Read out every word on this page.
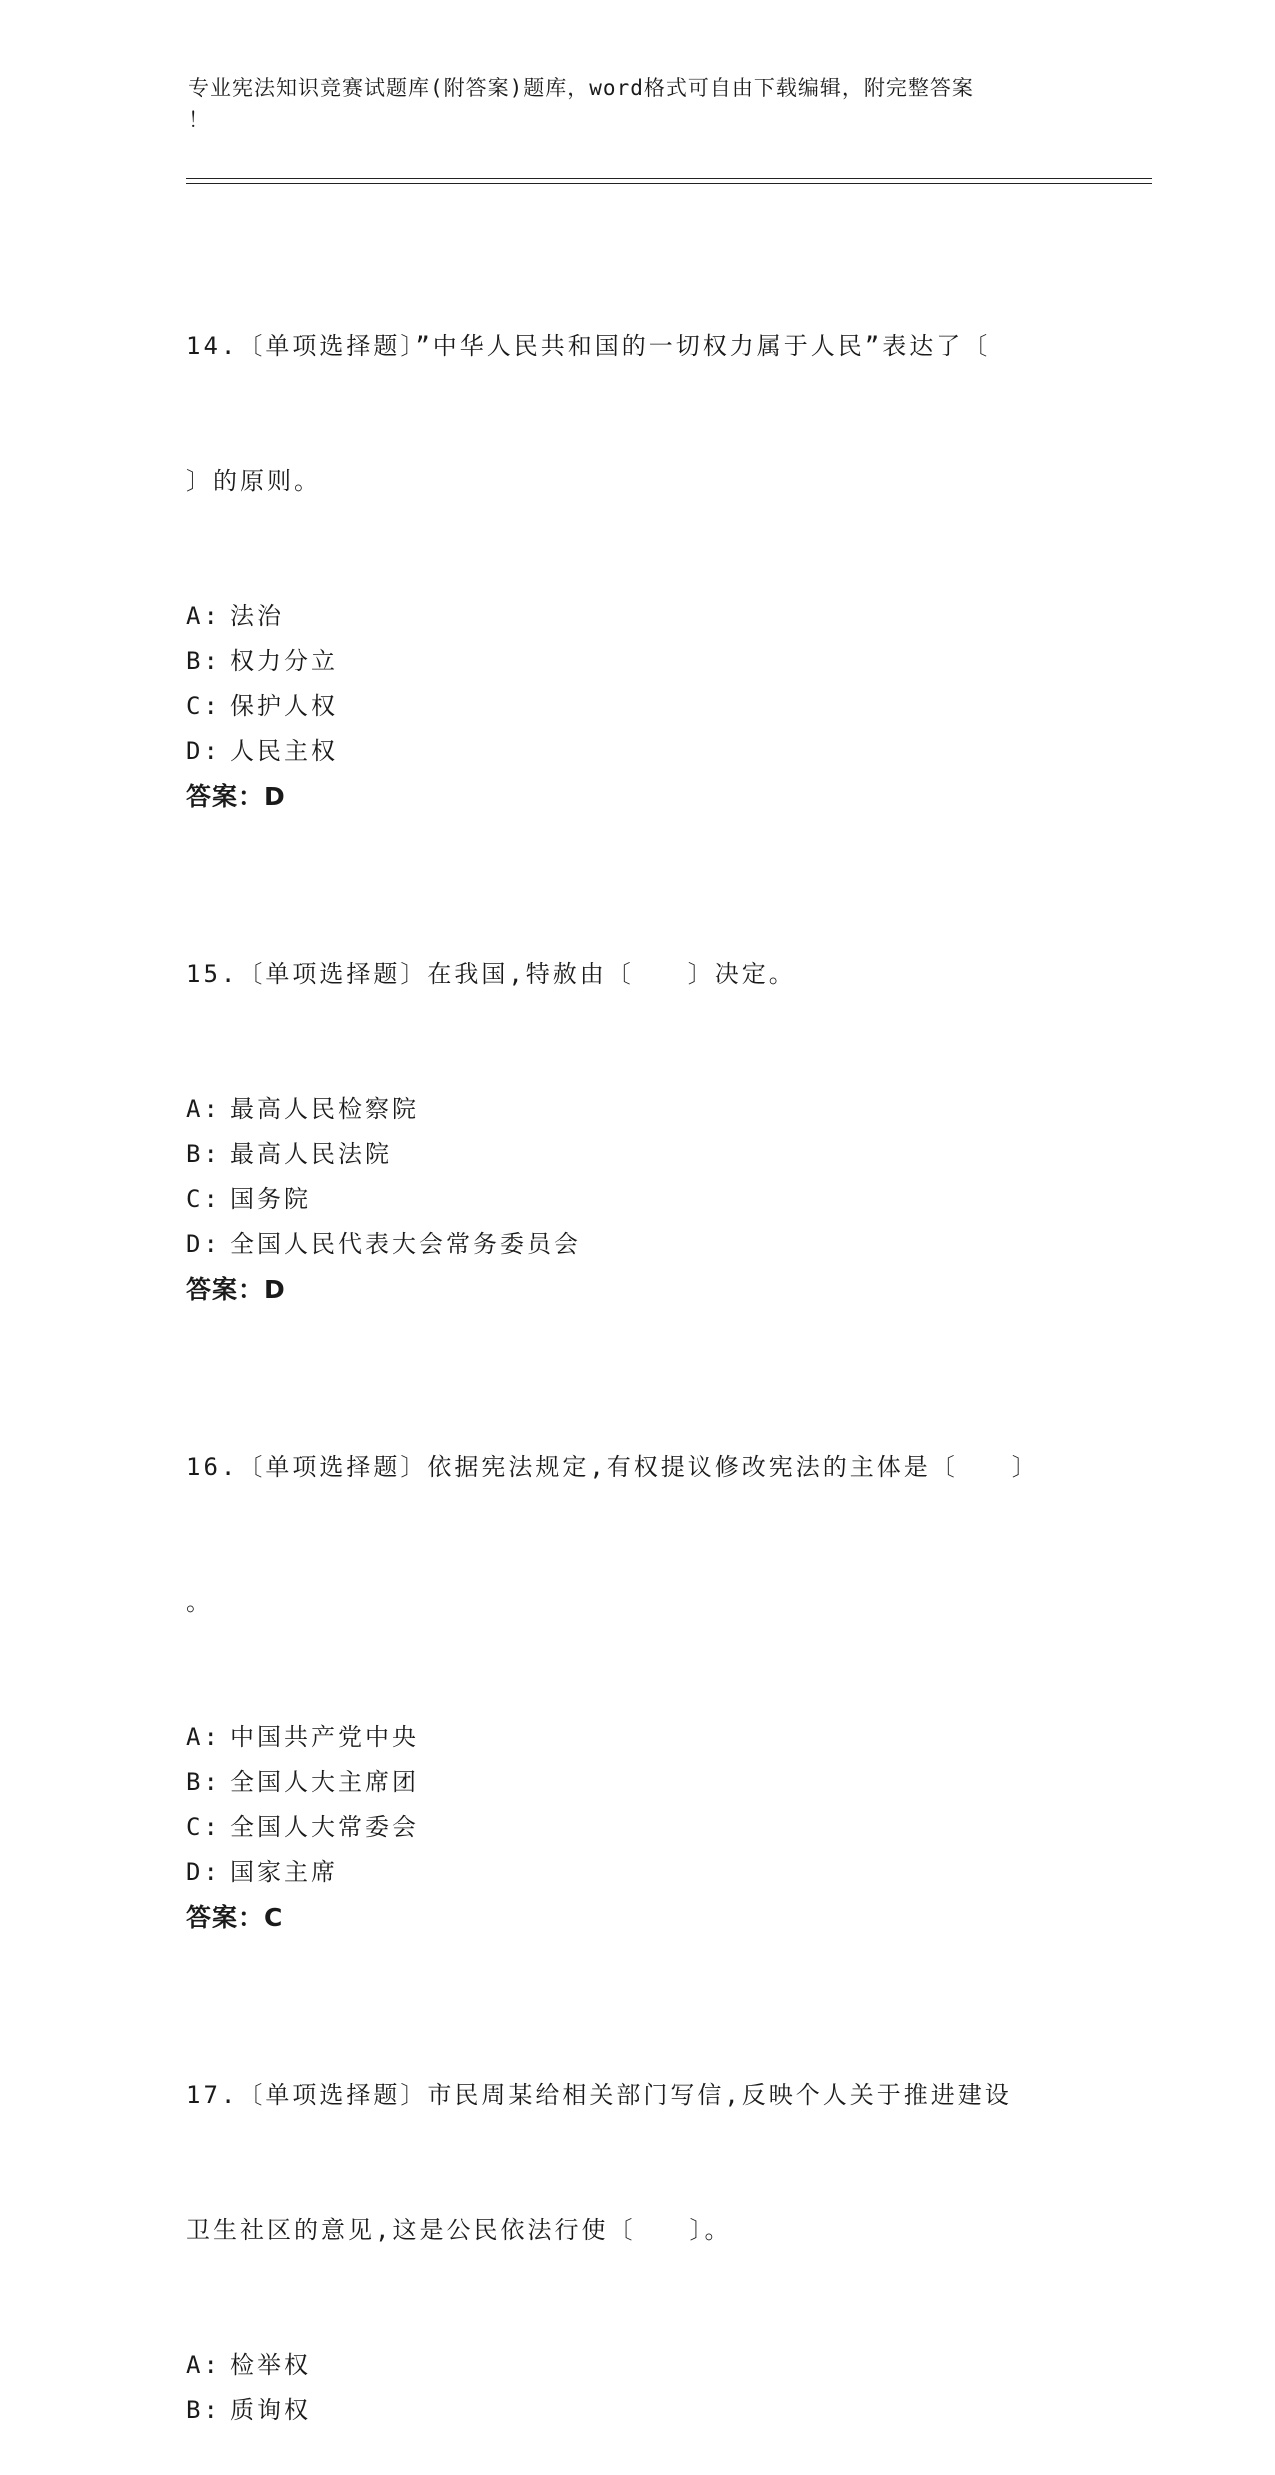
专业宪法知识竞赛试题库(附答案)题库，word格式可自由下载编辑，附完整答案
！

14.〔单项选择题〕”中华人民共和国的一切权力属于人民”表达了〔

〕的原则。

A: 法治
B: 权力分立
C: 保护人权
D: 人民主权
答案：D

15.〔单项选择题〕在我国,特赦由〔　　〕决定。

A: 最高人民检察院
B: 最高人民法院
C: 国务院
D: 全国人民代表大会常务委员会
答案：D

16.〔单项选择题〕依据宪法规定,有权提议修改宪法的主体是〔　　〕

。

A: 中国共产党中央
B: 全国人大主席团
C: 全国人大常委会
D: 国家主席
答案：C

17.〔单项选择题〕市民周某给相关部门写信,反映个人关于推进建设

卫生社区的意见,这是公民依法行使〔　　〕。

A: 检举权
B: 质询权
